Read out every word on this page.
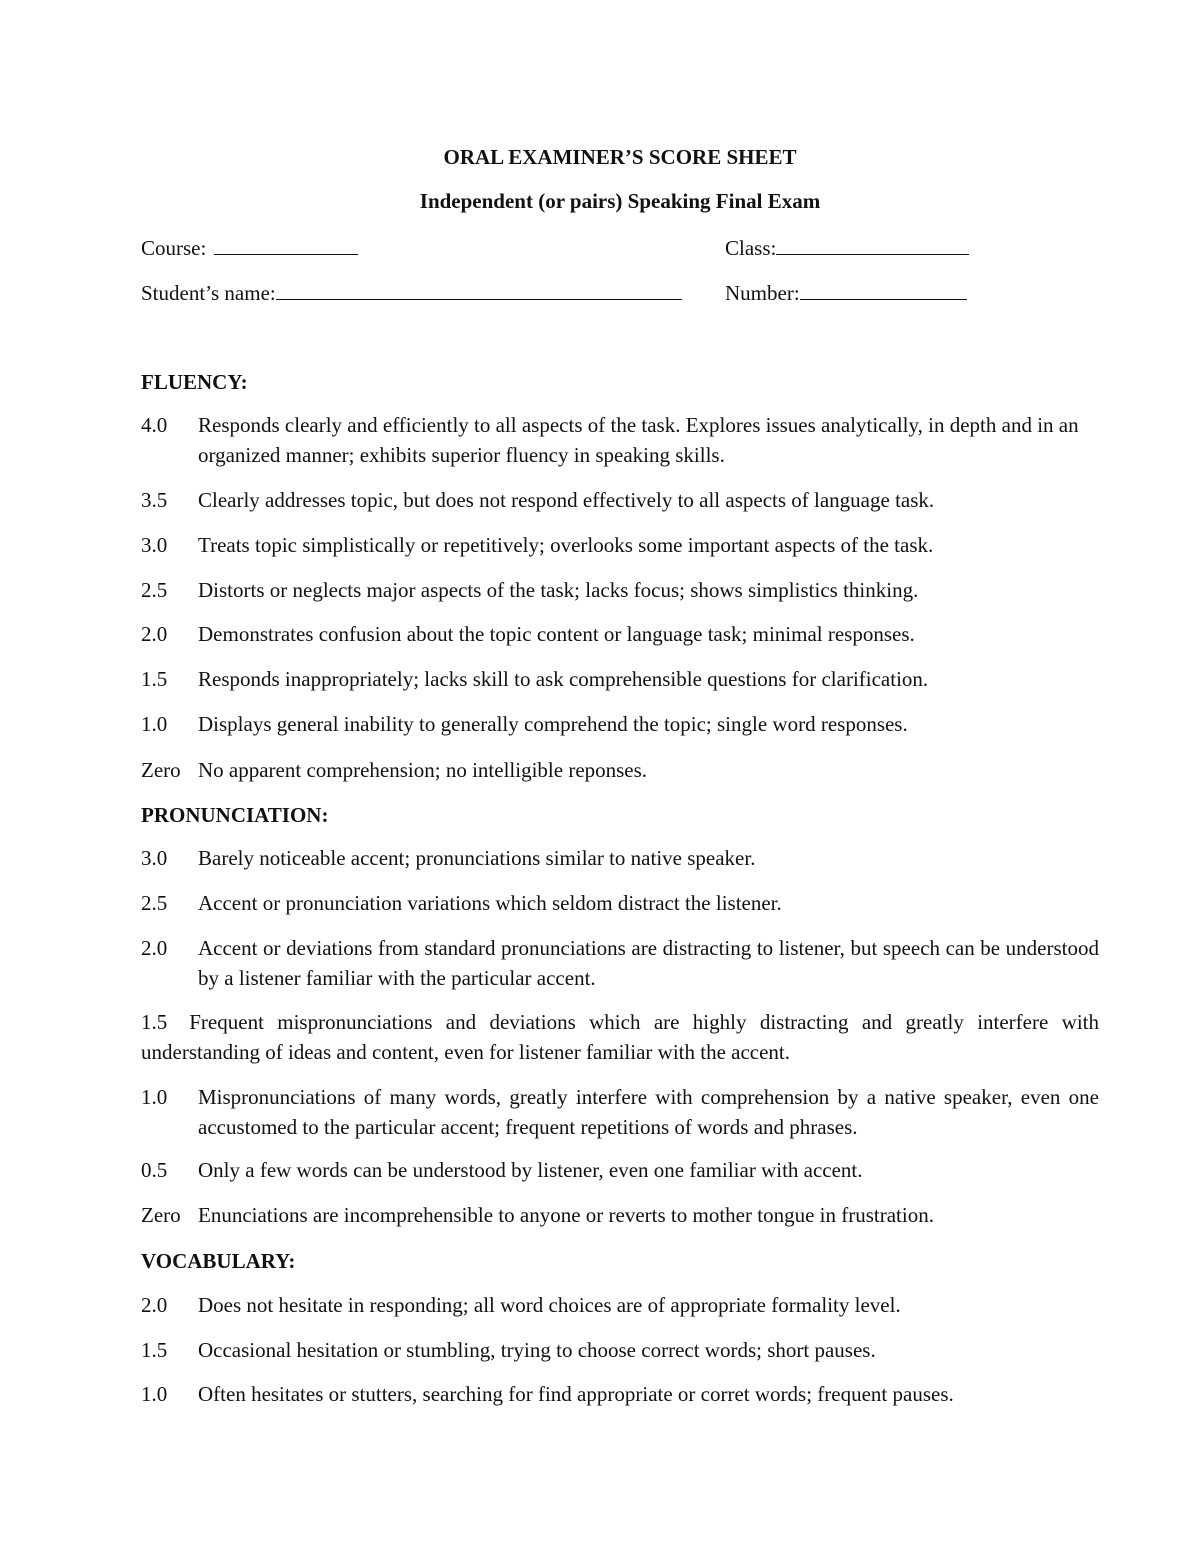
ORAL EXAMINER’S SCORE SHEET
Independent (or pairs) Speaking Final Exam
Course:	Class:
Student’s name:	Number:
FLUENCY:
4.0 Responds clearly and efficiently to all aspects of the task. Explores issues analytically, in depth and in an organized manner; exhibits superior fluency in speaking skills.
3.5 Clearly addresses topic, but does not respond effectively to all aspects of language task.
3.0 Treats topic simplistically or repetitively; overlooks some important aspects of the task.
2.5 Distorts or neglects major aspects of the task; lacks focus; shows simplistics thinking.
2.0 Demonstrates confusion about the topic content or language task; minimal responses.
1.5 Responds inappropriately; lacks skill to ask comprehensible questions for clarification.
1.0 Displays general inability to generally comprehend the topic; single word responses.
Zero No apparent comprehension; no intelligible reponses.
PRONUNCIATION:
3.0 Barely noticeable accent; pronunciations similar to native speaker.
2.5 Accent or pronunciation variations which seldom distract the listener.
2.0 Accent or deviations from standard pronunciations are distracting to listener, but speech can be understood by a listener familiar with the particular accent.
1.5 Frequent mispronunciations and deviations which are highly distracting and greatly interfere with understanding of ideas and content, even for listener familiar with the accent.
1.0 Mispronunciations of many words, greatly interfere with comprehension by a native speaker, even one accustomed to the particular accent; frequent repetitions of words and phrases.
0.5 Only a few words can be understood by listener, even one familiar with accent.
Zero Enunciations are incomprehensible to anyone or reverts to mother tongue in frustration.
VOCABULARY:
2.0 Does not hesitate in responding; all word choices are of appropriate formality level.
1.5 Occasional hesitation or stumbling, trying to choose correct words; short pauses.
1.0 Often hesitates or stutters, searching for find appropriate or corret words; frequent pauses.
